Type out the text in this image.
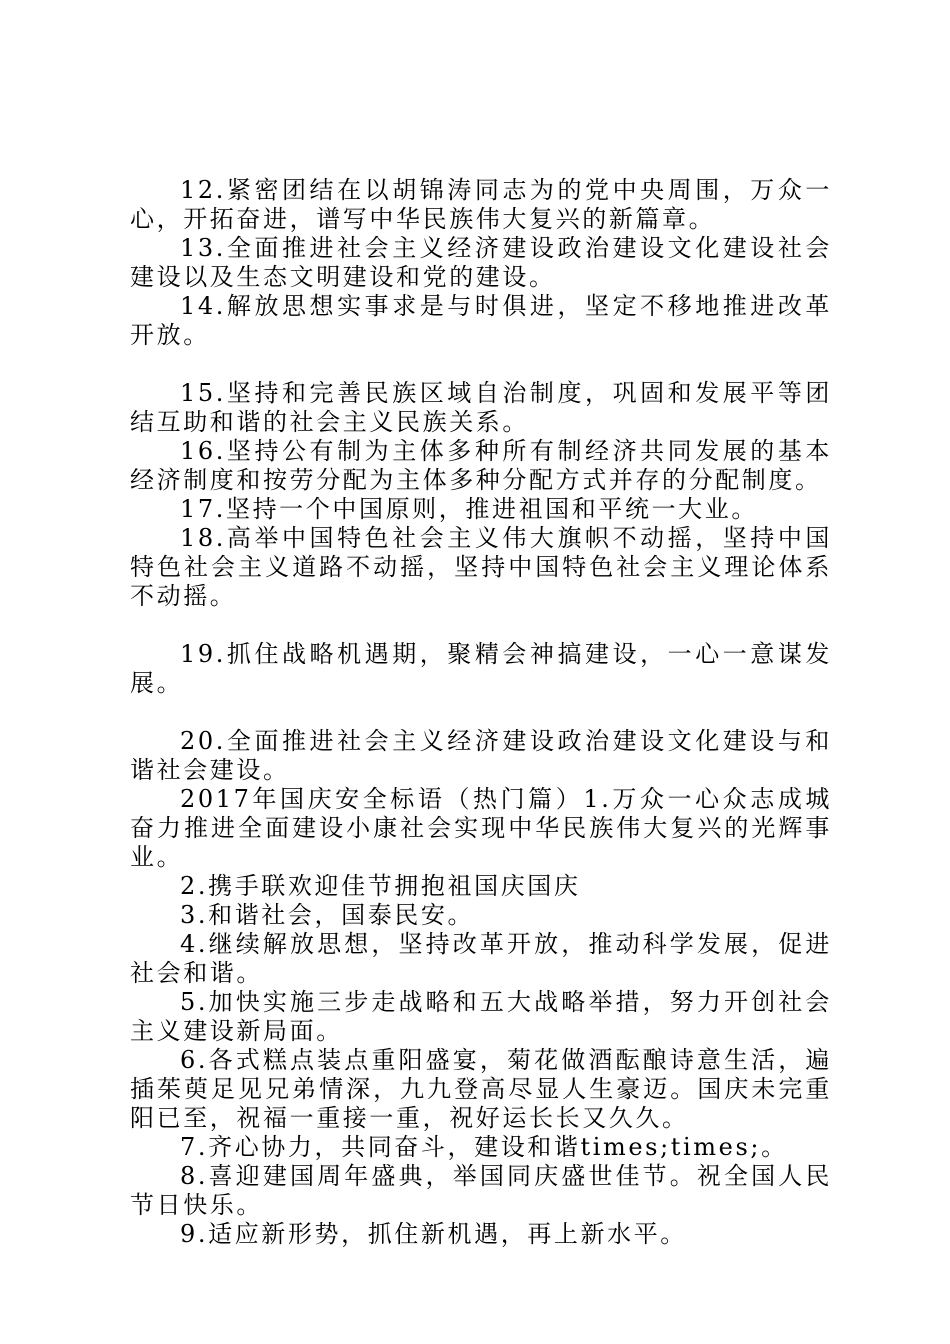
12.紧密团结在以胡锦涛同志为的党中央周围，万众一心，开拓奋进，谱写中华民族伟大复兴的新篇章。

13.全面推进社会主义经济建设政治建设文化建设社会建设以及生态文明建设和党的建设。

14.解放思想实事求是与时俱进，坚定不移地推进改革开放。

15.坚持和完善民族区域自治制度，巩固和发展平等团结互助和谐的社会主义民族关系。

16.坚持公有制为主体多种所有制经济共同发展的基本经济制度和按劳分配为主体多种分配方式并存的分配制度。

17.坚持一个中国原则，推进祖国和平统一大业。

18.高举中国特色社会主义伟大旗帜不动摇，坚持中国特色社会主义道路不动摇，坚持中国特色社会主义理论体系不动摇。

19.抓住战略机遇期，聚精会神搞建设，一心一意谋发展。

20.全面推进社会主义经济建设政治建设文化建设与和谐社会建设。

2017年国庆安全标语（热门篇）1.万众一心众志成城奋力推进全面建设小康社会实现中华民族伟大复兴的光辉事业。

2.携手联欢迎佳节拥抱祖国庆国庆

3.和谐社会，国泰民安。

4.继续解放思想，坚持改革开放，推动科学发展，促进社会和谐。

5.加快实施三步走战略和五大战略举措，努力开创社会主义建设新局面。

6.各式糕点装点重阳盛宴，菊花做酒酝酿诗意生活，遍插茱萸足见兄弟情深，九九登高尽显人生豪迈。国庆未完重阳已至，祝福一重接一重，祝好运长长又久久。

7.齐心协力，共同奋斗，建设和谐times;times;。

8.喜迎建国周年盛典，举国同庆盛世佳节。祝全国人民节日快乐。

9.适应新形势，抓住新机遇，再上新水平。
